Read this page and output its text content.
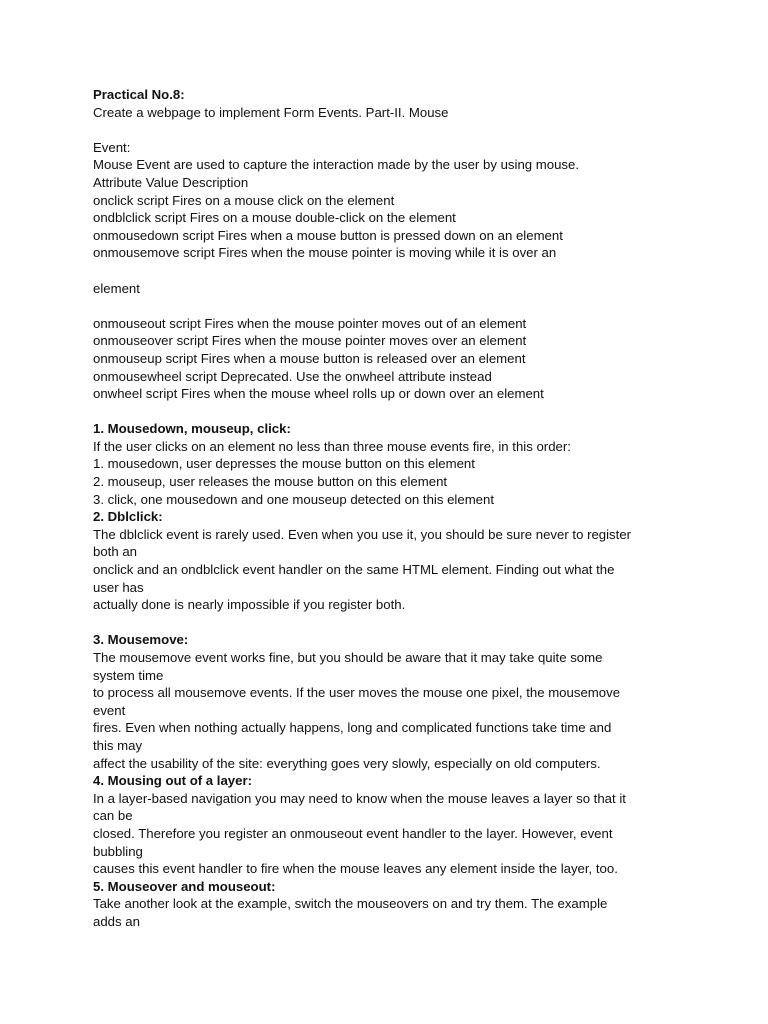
Practical No.8:
Create a webpage to implement Form Events. Part-II. Mouse
Event:
Mouse Event are used to capture the interaction made by the user by using mouse.
Attribute Value Description
onclick script Fires on a mouse click on the element
ondblclick script Fires on a mouse double-click on the element
onmousedown script Fires when a mouse button is pressed down on an element
onmousemove script Fires when the mouse pointer is moving while it is over an
element
onmouseout script Fires when the mouse pointer moves out of an element
onmouseover script Fires when the mouse pointer moves over an element
onmouseup script Fires when a mouse button is released over an element
onmousewheel script Deprecated. Use the onwheel attribute instead
onwheel script Fires when the mouse wheel rolls up or down over an element
1. Mousedown, mouseup, click:
If the user clicks on an element no less than three mouse events fire, in this order:
1. mousedown, user depresses the mouse button on this element
2. mouseup, user releases the mouse button on this element
3. click, one mousedown and one mouseup detected on this element
2. Dblclick:
The dblclick event is rarely used. Even when you use it, you should be sure never to register
both an
onclick and an ondblclick event handler on the same HTML element. Finding out what the
user has
actually done is nearly impossible if you register both.
3. Mousemove:
The mousemove event works fine, but you should be aware that it may take quite some
system time
to process all mousemove events. If the user moves the mouse one pixel, the mousemove
event
fires. Even when nothing actually happens, long and complicated functions take time and
this may
affect the usability of the site: everything goes very slowly, especially on old computers.
4. Mousing out of a layer:
In a layer-based navigation you may need to know when the mouse leaves a layer so that it
can be
closed. Therefore you register an onmouseout event handler to the layer. However, event
bubbling
causes this event handler to fire when the mouse leaves any element inside the layer, too.
5. Mouseover and mouseout:
Take another look at the example, switch the mouseovers on and try them. The example
adds an
